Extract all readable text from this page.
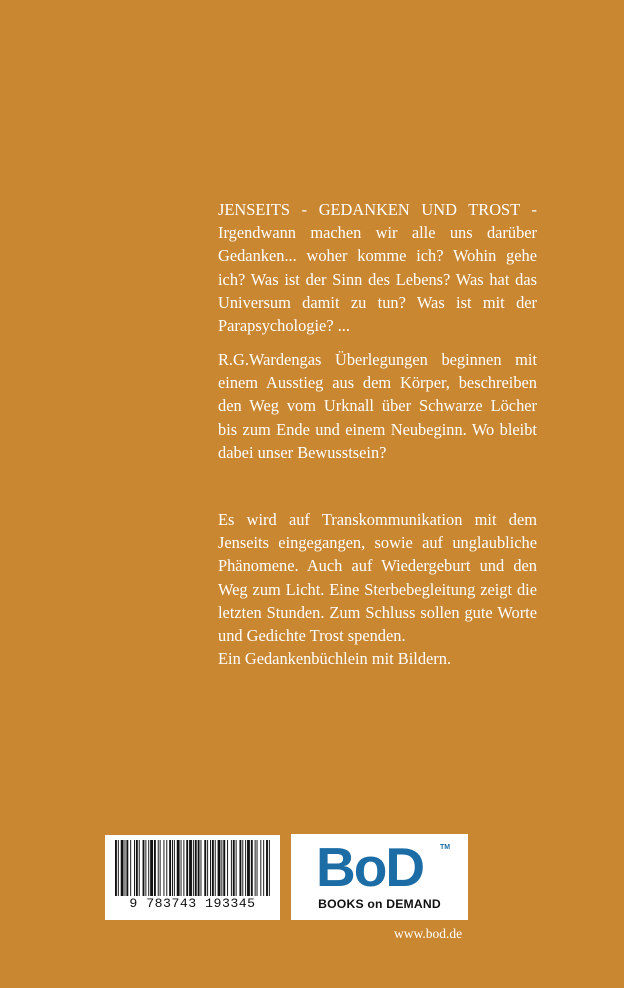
JENSEITS - GEDANKEN UND TROST - Irgendwann machen wir alle uns darüber Gedanken... woher komme ich? Wohin gehe ich? Was ist der Sinn des Lebens? Was hat das Universum damit zu tun? Was ist mit der Parapsychologie? ...

R.G.Wardengas Überlegungen beginnen mit einem Ausstieg aus dem Körper, beschreiben den Weg vom Urknall über Schwarze Löcher bis zum Ende und einem Neubeginn. Wo bleibt dabei unser Bewusstsein?

Es wird auf Transkommunikation mit dem Jenseits eingegangen, sowie auf unglaubliche Phänomene. Auch auf Wiedergeburt und den Weg zum Licht. Eine Sterbebegleitung zeigt die letzten Stunden. Zum Schluss sollen gute Worte und Gedichte Trost spenden.

Ein Gedankenbüchlein mit Bildern.

9 783743 193345
BoD TM
BOOKS on DEMAND
www.bod.de
